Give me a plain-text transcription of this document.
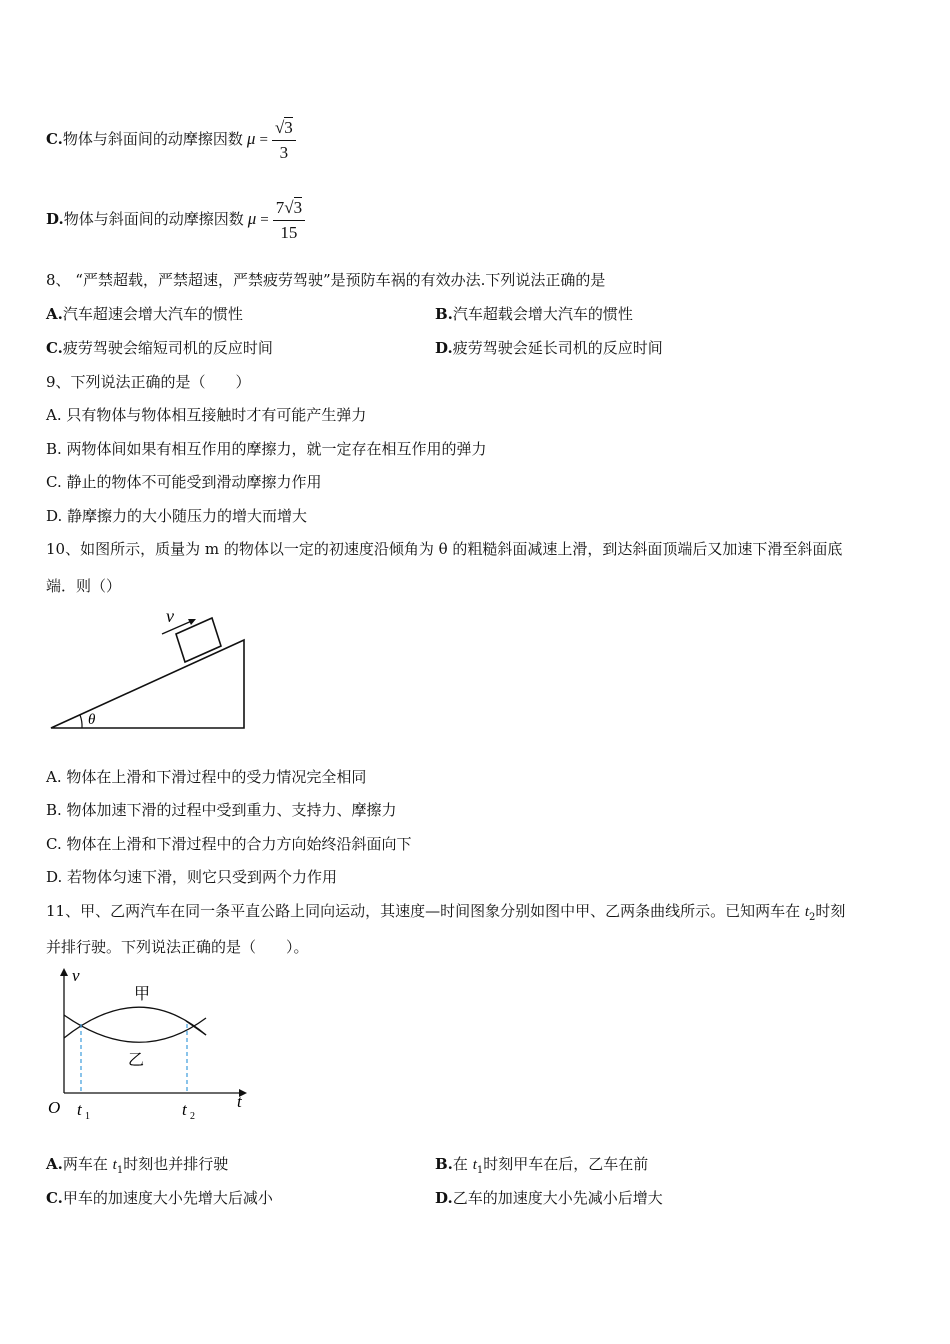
C.物体与斜面间的动摩擦因数 $\mu = \frac{√3}{3}$
D.物体与斜面间的动摩擦因数 $\mu = \frac{7√3}{15}$
8、 “严禁超载，严禁超速，严禁疲劳驾驶”是预防车祸的有效办法.下列说法正确的是
A.汽车超速会增大汽车的惯性	B.汽车超载会增大汽车的惯性
C.疲劳驾驶会缩短司机的反应时间	D.疲劳驾驶会延长司机的反应时间
9、下列说法正确的是（　　）
A. 只有物体与物体相互接触时才有可能产生弹力
B. 两物体间如果有相互作用的摩擦力，就一定存在相互作用的弹力
C. 静止的物体不可能受到滑动摩擦力作用
D. 静摩擦力的大小随压力的增大而增大
10、如图所示，质量为 m 的物体以一定的初速度沿倾角为 θ 的粗糙斜面减速上滑，到达斜面顶端后又加速下滑至斜面底
端．则（）
v
θ
A. 物体在上滑和下滑过程中的受力情况完全相同
B. 物体加速下滑的过程中受到重力、支持力、摩擦力
C. 物体在上滑和下滑过程中的合力方向始终沿斜面向下
D. 若物体匀速下滑，则它只受到两个力作用
11、甲、乙两汽车在同一条平直公路上同向运动，其速度—时间图象分别如图中甲、乙两条曲线所示。已知两车在 $t_2$时刻
并排行驶。下列说法正确的是（　　）。
v
t
O
甲
乙
t 1	t 2
A.两车在 $t_1$时刻也并排行驶	B.在 $t_1$时刻甲车在后，乙车在前
C.甲车的加速度大小先增大后减小	D.乙车的加速度大小先减小后增大
